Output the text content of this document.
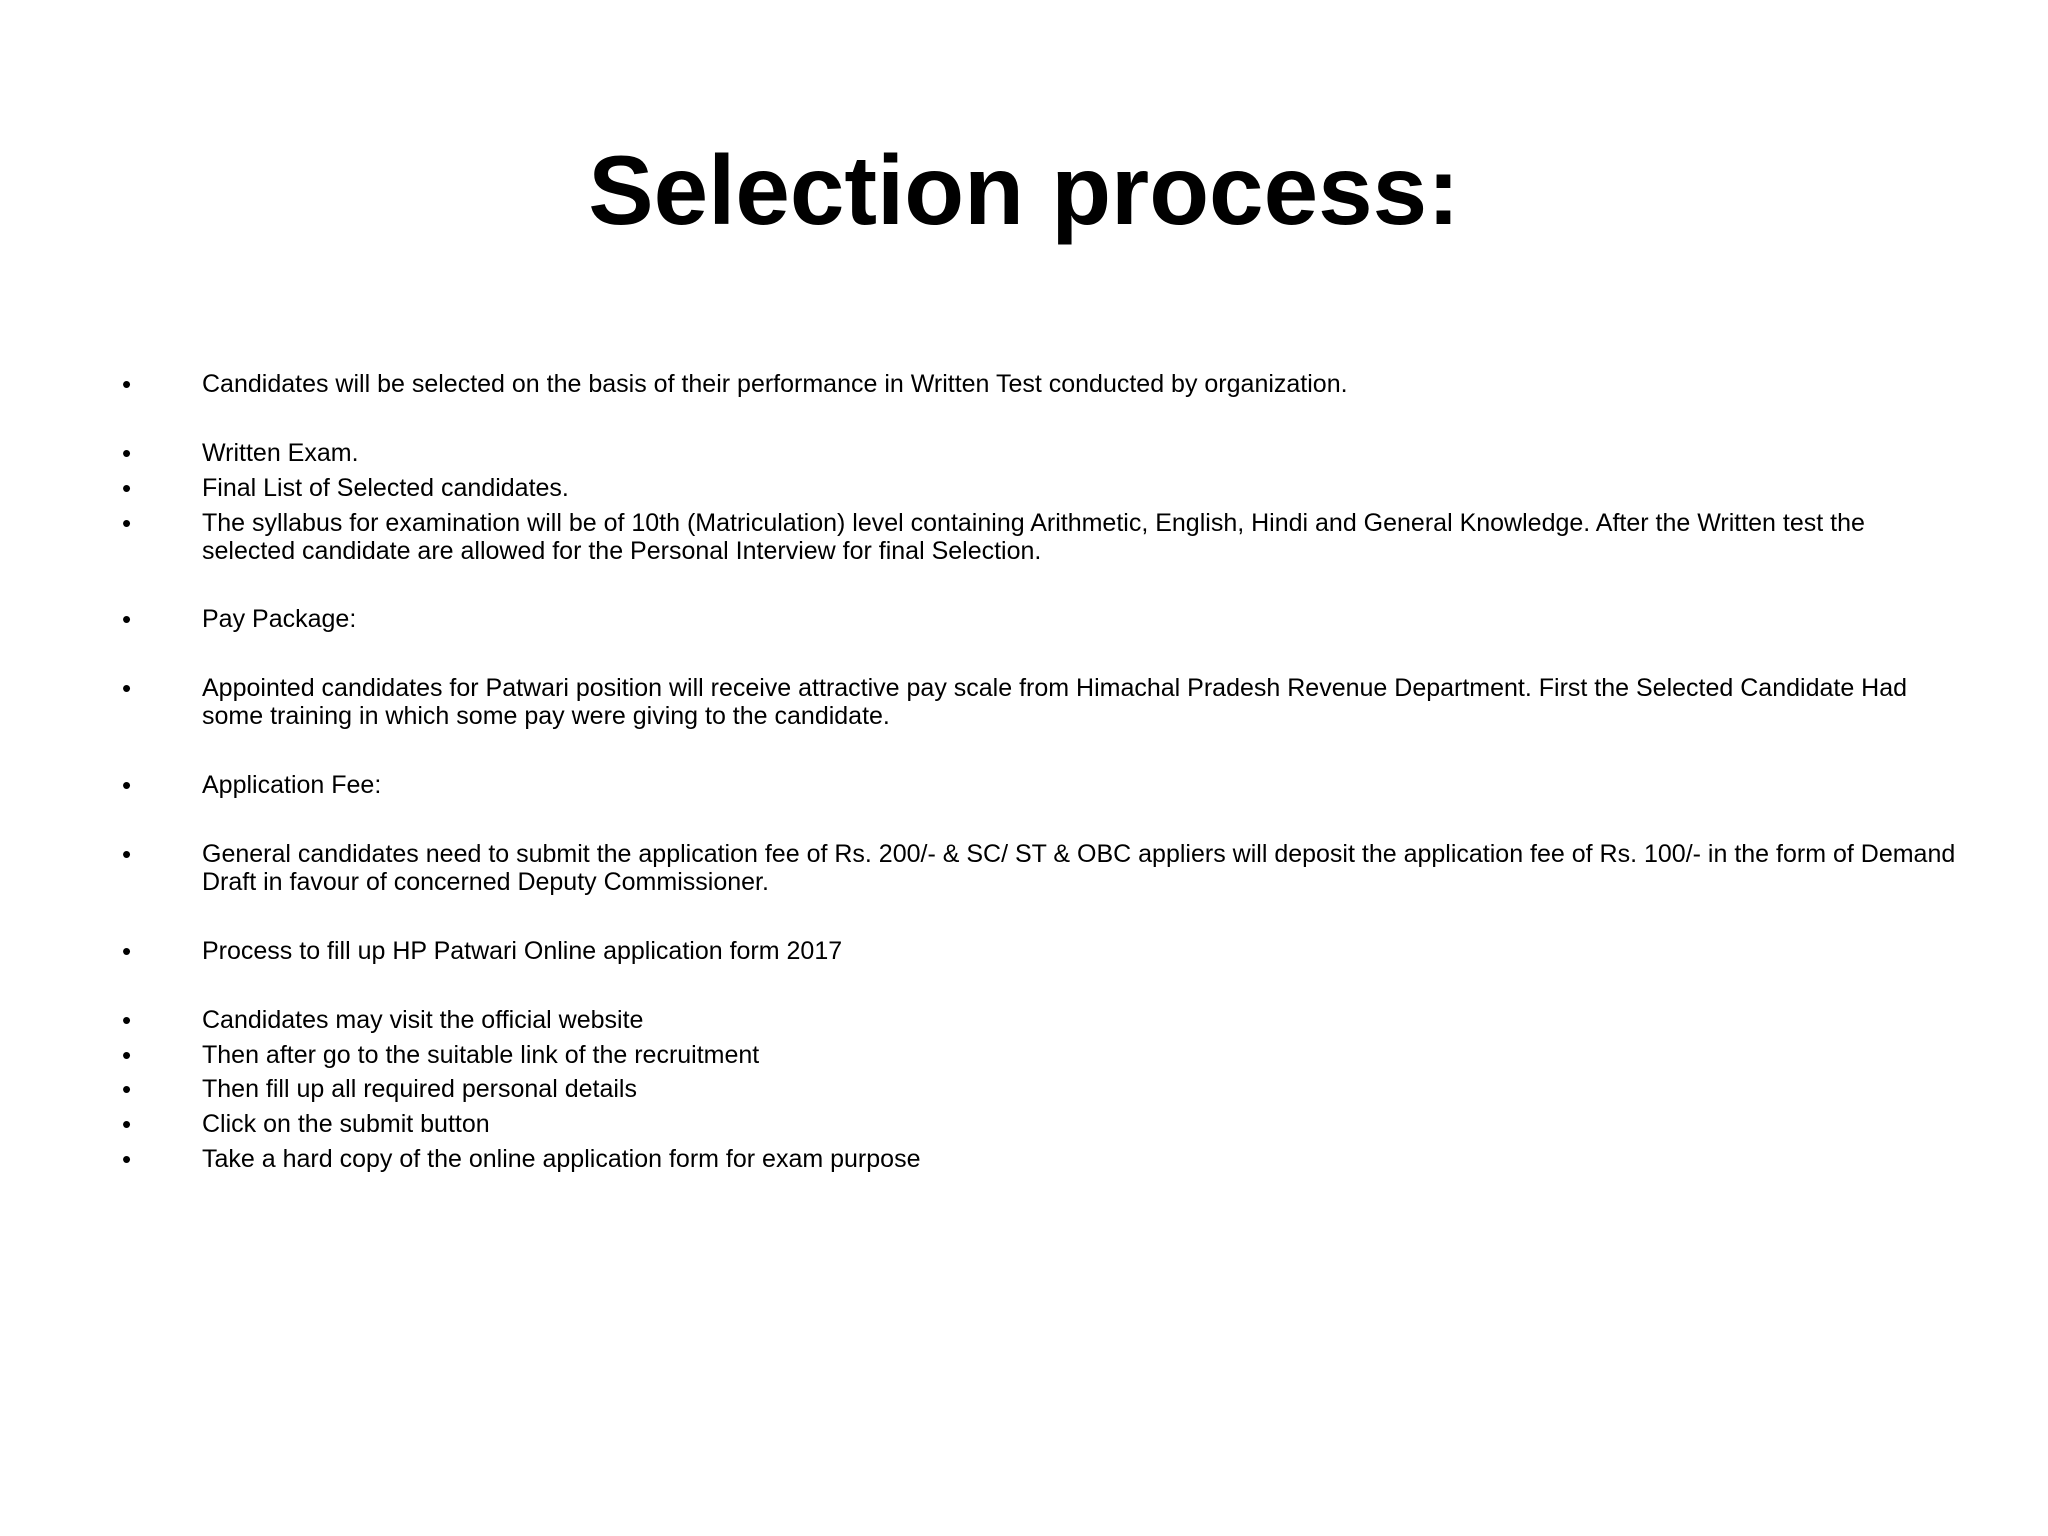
Selection process:
•	Candidates will be selected on the basis of their performance in Written Test conducted by organization.
•	Written Exam.
•	Final List of Selected candidates.
•	The syllabus for examination will be of 10th (Matriculation) level containing Arithmetic, English, Hindi and General Knowledge. After the Written test the selected candidate are allowed for the Personal Interview for final Selection.
•	Pay Package:
•	Appointed candidates for Patwari position will receive attractive pay scale from Himachal Pradesh Revenue Department. First the Selected Candidate Had some training in which some pay were giving to the candidate.
•	Application Fee:
•	General candidates need to submit the application fee of Rs. 200/- & SC/ ST & OBC appliers will deposit the application fee of Rs. 100/- in the form of Demand Draft in favour of concerned Deputy Commissioner.
•	Process to fill up HP Patwari Online application form 2017
•	Candidates may visit the official website
•	Then after go to the suitable link of the recruitment
•	Then fill up all required personal details
•	Click on the submit button
•	Take a hard copy of the online application form for exam purpose
